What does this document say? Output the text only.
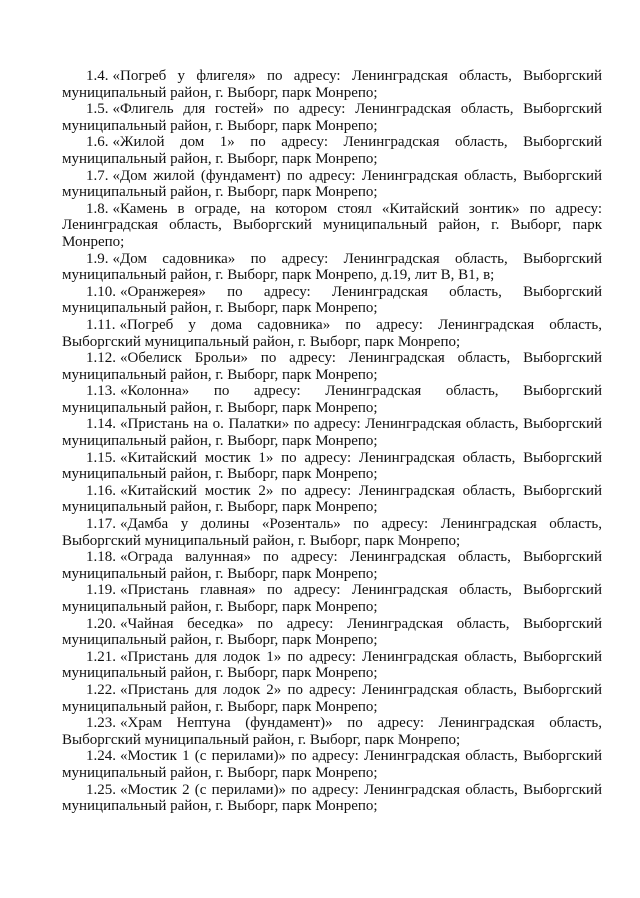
1.4. «Погреб у флигеля» по адресу: Ленинградская область, Выборгский муниципальный район, г. Выборг, парк Монрепо;

1.5. «Флигель для гостей» по адресу: Ленинградская область, Выборгский муниципальный район, г. Выборг, парк Монрепо;

1.6. «Жилой дом 1» по адресу: Ленинградская область, Выборгский муниципальный район, г. Выборг, парк Монрепо;

1.7. «Дом жилой (фундамент) по адресу: Ленинградская область, Выборгский муниципальный район, г. Выборг, парк Монрепо;

1.8. «Камень в ограде, на котором стоял «Китайский зонтик» по адресу: Ленинградская область, Выборгский муниципальный район, г. Выборг, парк Монрепо;

1.9. «Дом садовника» по адресу: Ленинградская область, Выборгский муниципальный район, г. Выборг, парк Монрепо, д.19, лит В, В1, в;

1.10. «Оранжерея» по адресу: Ленинградская область, Выборгский муниципальный район, г. Выборг, парк Монрепо;

1.11. «Погреб у дома садовника» по адресу: Ленинградская область, Выборгский муниципальный район, г. Выборг, парк Монрепо;

1.12. «Обелиск Брольи» по адресу: Ленинградская область, Выборгский муниципальный район, г. Выборг, парк Монрепо;

1.13. «Колонна» по адресу: Ленинградская область, Выборгский муниципальный район, г. Выборг, парк Монрепо;

1.14. «Пристань на о. Палатки» по адресу: Ленинградская область, Выборгский муниципальный район, г. Выборг, парк Монрепо;

1.15. «Китайский мостик 1» по адресу: Ленинградская область, Выборгский муниципальный район, г. Выборг, парк Монрепо;

1.16. «Китайский мостик 2» по адресу: Ленинградская область, Выборгский муниципальный район, г. Выборг, парк Монрепо;

1.17. «Дамба у долины «Розенталь» по адресу: Ленинградская область, Выборгский муниципальный район, г. Выборг, парк Монрепо;

1.18. «Ограда валунная» по адресу: Ленинградская область, Выборгский муниципальный район, г. Выборг, парк Монрепо;

1.19. «Пристань главная» по адресу: Ленинградская область, Выборгский муниципальный район, г. Выборг, парк Монрепо;

1.20. «Чайная беседка» по адресу: Ленинградская область, Выборгский муниципальный район, г. Выборг, парк Монрепо;

1.21. «Пристань для лодок 1» по адресу: Ленинградская область, Выборгский муниципальный район, г. Выборг, парк Монрепо;

1.22. «Пристань для лодок 2» по адресу: Ленинградская область, Выборгский муниципальный район, г. Выборг, парк Монрепо;

1.23. «Храм Нептуна (фундамент)» по адресу: Ленинградская область, Выборгский муниципальный район, г. Выборг, парк Монрепо;

1.24. «Мостик 1 (с перилами)» по адресу: Ленинградская область, Выборгский муниципальный район, г. Выборг, парк Монрепо;

1.25. «Мостик 2 (с перилами)» по адресу: Ленинградская область, Выборгский муниципальный район, г. Выборг, парк Монрепо;
